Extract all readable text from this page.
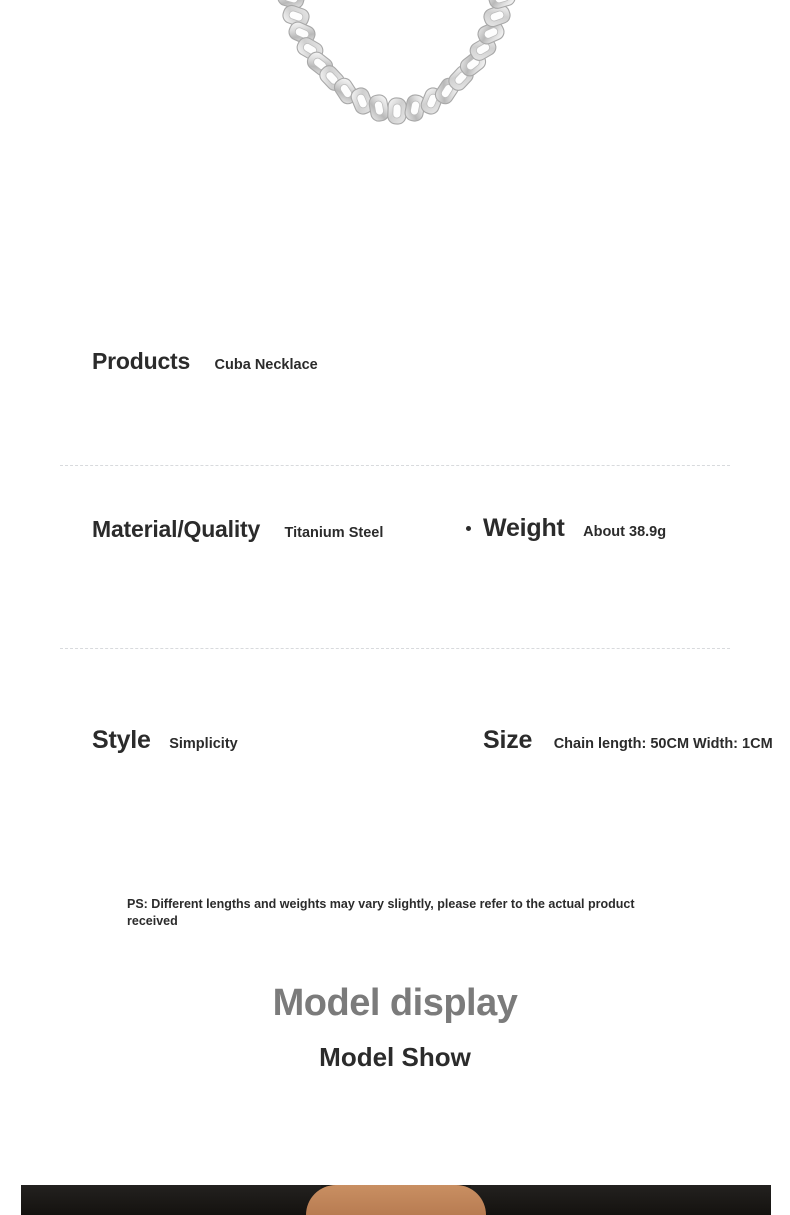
Products Cuba Necklace
Material/Quality Titanium Steel	Weight About 38.9g
Style Simplicity	Size Chain length: 50CM Width: 1CM
PS: Different lengths and weights may vary slightly, please refer to the actual product received
Model display
Model Show
